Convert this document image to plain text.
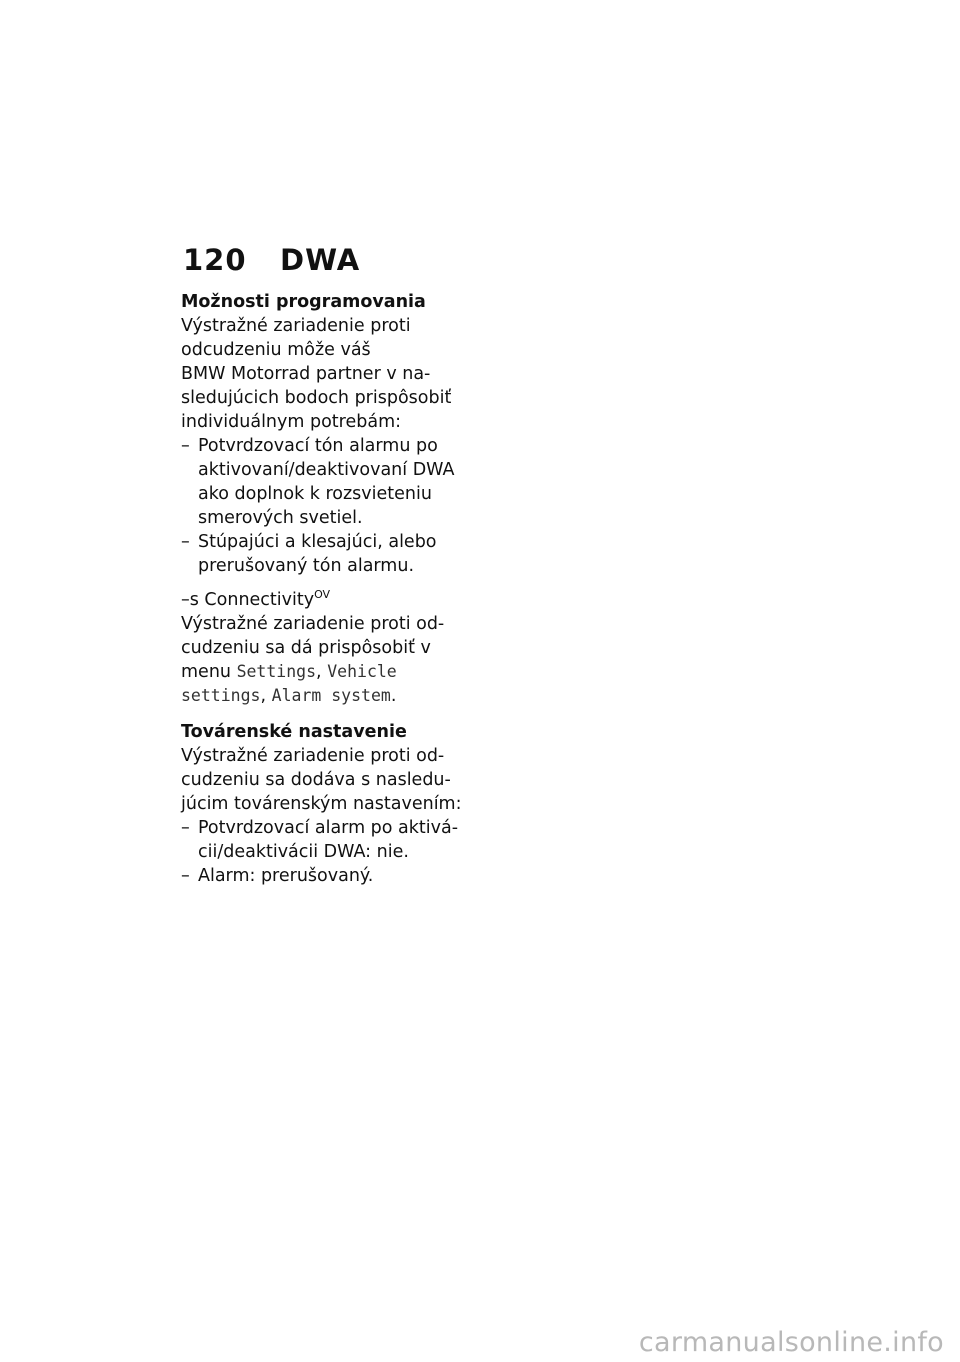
120 DWA

Možnosti programovania

Výstražné zariadenie proti

odcudzeniu môže váš

BMW Motorrad partner v na-

sledujúcich bodoch prispôsobiť

individuálnym potrebám:

– Potvrdzovací tón alarmu po

aktivovaní/deaktivovaní DWA

ako doplnok k rozsvieteniu

smerových svetiel.

– Stúpajúci a klesajúci, alebo

prerušovaný tón alarmu.

–s Connectivity$^{OV}$

Výstražné zariadenie proti od-

cudzeniu sa dá prispôsobiť v

menu Settings, Vehicle

settings, Alarm system.

Továrenské nastavenie

Výstražné zariadenie proti od-

cudzeniu sa dodáva s nasledu-

júcim továrenským nastavením:

– Potvrdzovací alarm po aktivá-

cii/deaktivácii DWA: nie.

– Alarm: prerušovaný.

carmanualsonline.info
